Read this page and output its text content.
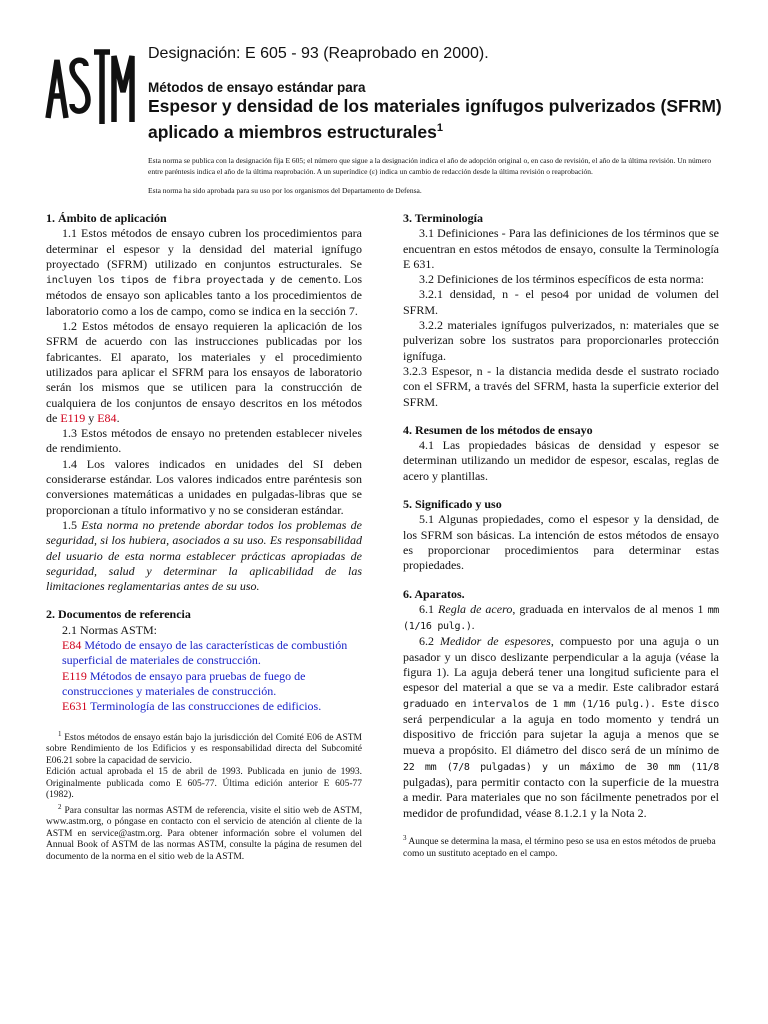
ASTM
Designación: E 605 - 93 (Reaprobado en 2000).
Métodos de ensayo estándar para
Espesor y densidad de los materiales ignífugos pulverizados (SFRM) aplicado a miembros estructurales$^1$
Esta norma se publica con la designación fija E 605; el número que sigue a la designación indica el año de adopción original o, en caso de revisión, el año de la última revisión. Un número entre paréntesis indica el año de la última reaprobación. A un superíndice (ε) indica un cambio de redacción desde la última revisión o reaprobación.
Esta norma ha sido aprobada para su uso por los organismos del Departamento de Defensa.
1. Ámbito de aplicación

1.1 Estos métodos de ensayo cubren los procedimientos para determinar el espesor y la densidad del material ignífugo proyectado (SFRM) utilizado en conjuntos estructurales. Se incluyen los tipos de fibra proyectada y de cemento. Los métodos de ensayo son aplicables tanto a los procedimientos de laboratorio como a los de campo, como se indica en la sección 7.

1.2 Estos métodos de ensayo requieren la aplicación de los SFRM de acuerdo con las instrucciones publicadas por los fabricantes. El aparato, los materiales y el procedimiento utilizados para aplicar el SFRM para los ensayos de laboratorio serán los mismos que se utilicen para la construcción de cualquiera de los conjuntos de ensayo descritos en los métodos de E119 y E84.

1.3 Estos métodos de ensayo no pretenden establecer niveles de rendimiento.

1.4 Los valores indicados en unidades del SI deben considerarse estándar. Los valores indicados entre paréntesis son conversiones matemáticas a unidades en pulgadas-libras que se proporcionan a título informativo y no se consideran estándar.

1.5 Esta norma no pretende abordar todos los problemas de seguridad, si los hubiera, asociados a su uso. Es responsabilidad del usuario de esta norma establecer prácticas apropiadas de seguridad, salud y determinar la aplicabilidad de las limitaciones reglamentarias antes de su uso.

2. Documentos de referencia

2.1 Normas ASTM:

E84 Método de ensayo de las características de combustión superficial de materiales de construcción.

E119 Métodos de ensayo para pruebas de fuego de construcciones y materiales de construcción.

E631 Terminología de las construcciones de edificios.

$^1$ Estos métodos de ensayo están bajo la jurisdicción del Comité E06 de ASTM sobre Rendimiento de los Edificios y es responsabilidad directa del Subcomité E06.21 sobre la capacidad de servicio.

Edición actual aprobada el 15 de abril de 1993. Publicada en junio de 1993. Originalmente publicada como E 605-77. Última edición anterior E 605-77 (1982).

$^2$ Para consultar las normas ASTM de referencia, visite el sitio web de ASTM, www.astm.org, o póngase en contacto con el servicio de atención al cliente de la ASTM en service@astm.org. Para obtener información sobre el volumen del Annual Book of ASTM de las normas ASTM, consulte la página de resumen del documento de la norma en el sitio web de la ASTM.

3. Terminología

3.1 Definiciones - Para las definiciones de los términos que se encuentran en estos métodos de ensayo, consulte la Terminología E 631.

3.2 Definiciones de los términos específicos de esta norma:

3.2.1 densidad, n - el peso4 por unidad de volumen del SFRM.

3.2.2 materiales ignífugos pulverizados, n: materiales que se pulverizan sobre los sustratos para proporcionarles protección ignífuga.

3.2.3 Espesor, n - la distancia medida desde el sustrato rociado con el SFRM, a través del SFRM, hasta la superficie exterior del SFRM.

4. Resumen de los métodos de ensayo

4.1 Las propiedades básicas de densidad y espesor se determinan utilizando un medidor de espesor, escalas, reglas de acero y plantillas.

5. Significado y uso

5.1 Algunas propiedades, como el espesor y la densidad, de los SFRM son básicas. La intención de estos métodos de ensayo es proporcionar procedimientos para determinar estas propiedades.

6. Aparatos.

6.1 Regla de acero, graduada en intervalos de al menos 1 mm (1/16 pulg.).

6.2 Medidor de espesores, compuesto por una aguja o un pasador y un disco deslizante perpendicular a la aguja (véase la figura 1). La aguja deberá tener una longitud suficiente para el espesor del material a que se va a medir. Este calibrador estará graduado en intervalos de 1 mm (1/16 pulg.). Este disco será perpendicular a la aguja en todo momento y tendrá un dispositivo de fricción para sujetar la aguja a menos que se mueva a propósito. El diámetro del disco será de un mínimo de 22 mm (7/8 pulgadas) y un máximo de 30 mm (11/8 pulgadas), para permitir contacto con la superficie de la muestra a medir. Para materiales que no son fácilmente penetrados por el medidor de profundidad, véase 8.1.2.1 y la Nota 2.

$^3$ Aunque se determina la masa, el término peso se usa en estos métodos de prueba como un sustituto aceptado en el campo.
